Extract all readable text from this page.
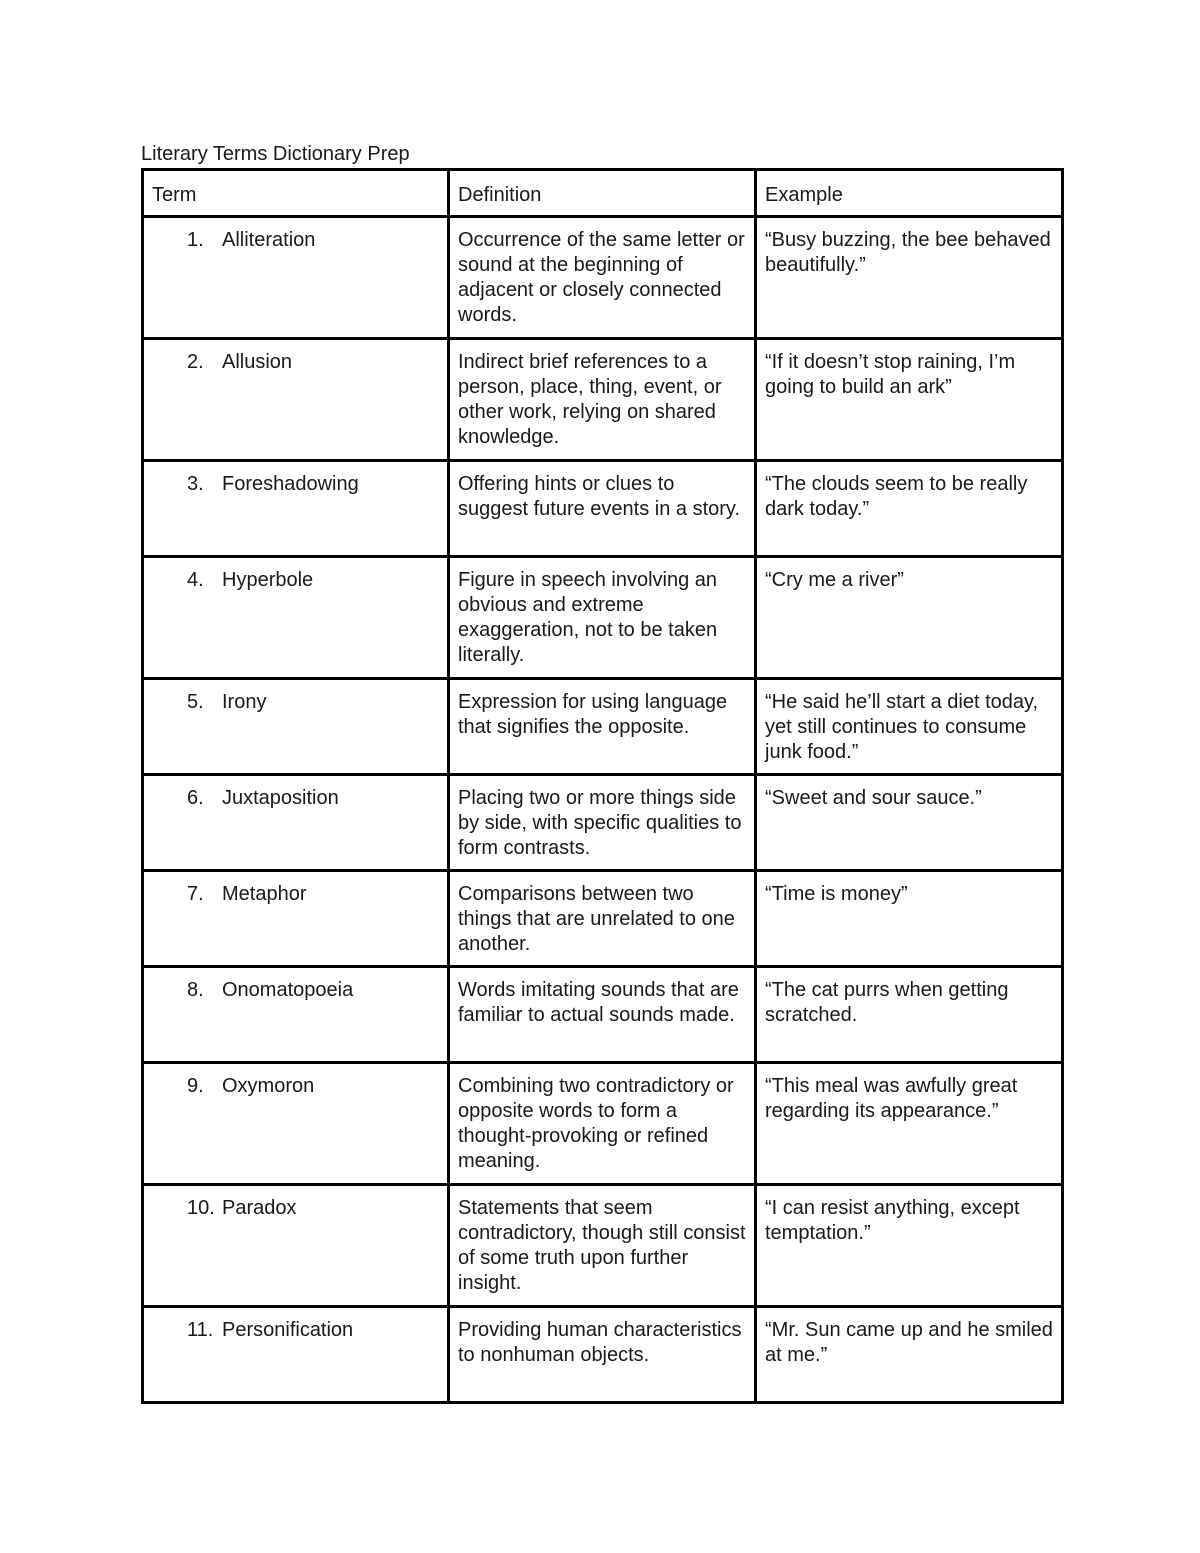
Literary Terms Dictionary Prep
Term	Definition	Example
1. Alliteration	Occurrence of the same letter or sound at the beginning of adjacent or closely connected words.	“Busy buzzing, the bee behaved beautifully.”
2. Allusion	Indirect brief references to a person, place, thing, event, or other work, relying on shared knowledge.	“If it doesn’t stop raining, I’m going to build an ark”
3. Foreshadowing	Offering hints or clues to suggest future events in a story.	“The clouds seem to be really dark today.”
4. Hyperbole	Figure in speech involving an obvious and extreme exaggeration, not to be taken literally.	“Cry me a river”
5. Irony	Expression for using language that signifies the opposite.	“He said he’ll start a diet today, yet still continues to consume junk food.”
6. Juxtaposition	Placing two or more things side by side, with specific qualities to form contrasts.	“Sweet and sour sauce.”
7. Metaphor	Comparisons between two things that are unrelated to one another.	“Time is money”
8. Onomatopoeia	Words imitating sounds that are familiar to actual sounds made.	“The cat purrs when getting scratched.
9. Oxymoron	Combining two contradictory or opposite words to form a thought-provoking or refined meaning.	“This meal was awfully great regarding its appearance.”
10. Paradox	Statements that seem contradictory, though still consist of some truth upon further insight.	“I can resist anything, except temptation.”
11. Personification	Providing human characteristics to nonhuman objects.	“Mr. Sun came up and he smiled at me.”
